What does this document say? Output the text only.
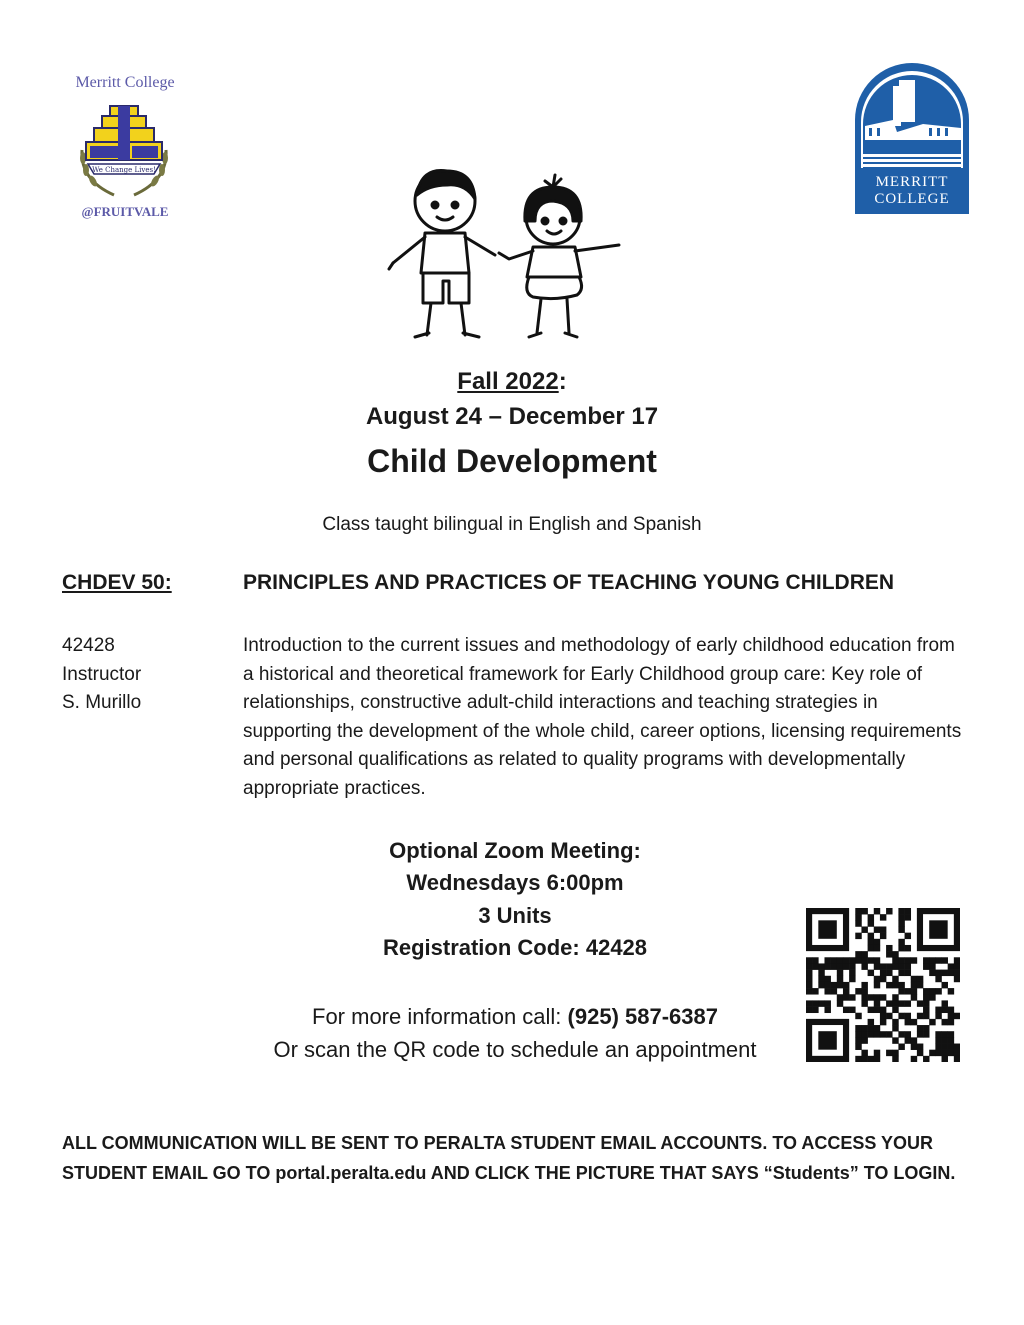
Merritt College
We Change Lives!
@FRUITVALE
MERRITT
COLLEGE
Fall 2022:
August 24 – December 17
Child Development
Class taught bilingual in English and Spanish
CHDEV 50:	PRINCIPLES AND PRACTICES OF TEACHING YOUNG CHILDREN
42428
Instructor
S. Murillo
Introduction to the current issues and methodology of early childhood education from a historical and theoretical framework for Early Childhood group care: Key role of relationships, constructive adult-child interactions and teaching strategies in supporting the development of the whole child, career options, licensing requirements and personal qualifications as related to quality programs with developmentally appropriate practices.
Optional Zoom Meeting:
Wednesdays 6:00pm
3 Units
Registration Code: 42428
For more information call: (925) 587-6387
Or scan the QR code to schedule an appointment
ALL COMMUNICATION WILL BE SENT TO PERALTA STUDENT EMAIL ACCOUNTS. TO ACCESS YOUR STUDENT EMAIL GO TO portal.peralta.edu AND CLICK THE PICTURE THAT SAYS “Students” TO LOGIN.
